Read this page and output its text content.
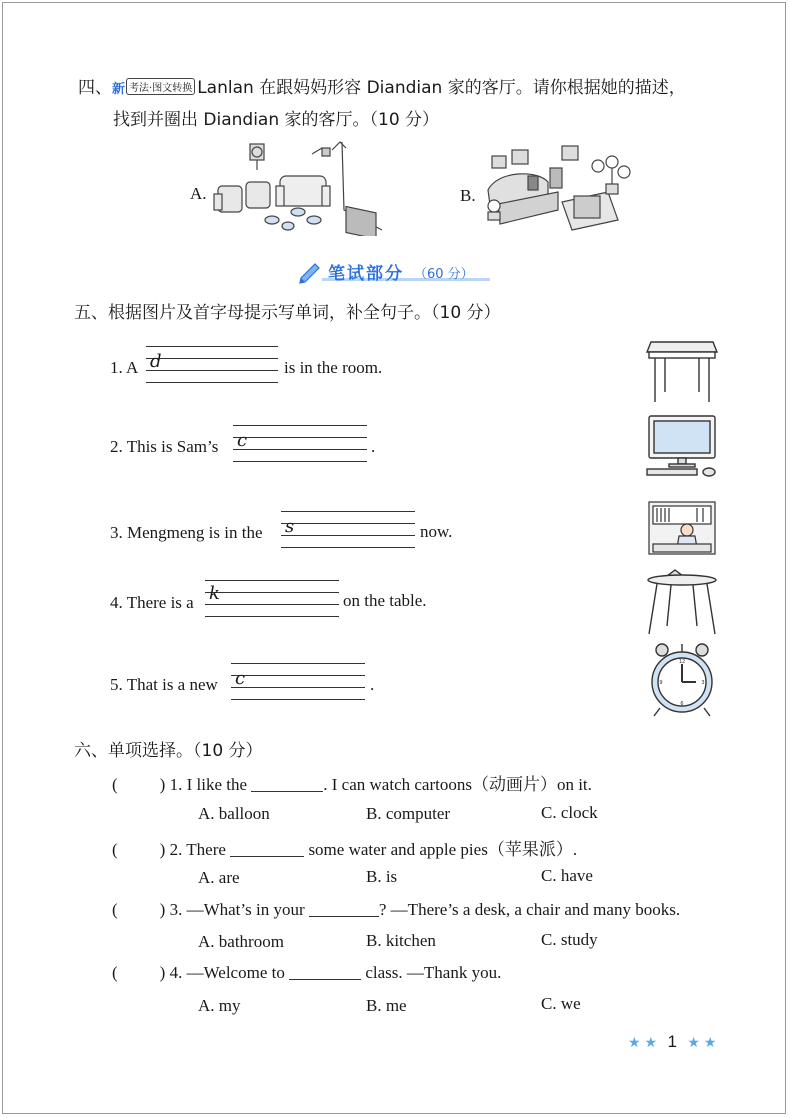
四、新 考法·图文转换 Lanlan 在跟妈妈形容 Diandian 家的客厅。请你根据她的描述，
找到并圈出 Diandian 家的客厅。（10 分）
A.	B.
笔试部分 （60 分）
五、根据图片及首字母提示写单词，补全句子。（10 分）
1. A d	is in the room.
2. This is Sam’s c	.
3. Mengmeng is in the s	now.
4. There is a k	on the table.
5. That is a new c	.
12
3
6
9
六、单项选择。（10 分）
( ) 1. I like the	. I can watch cartoons（动画片）on it.
A. balloon	B. computer	C. clock
( ) 2. There	some water and apple pies（苹果派）.
A. are	B. is	C. have
( ) 3. —What’s in your	? —There’s a desk, a chair and many books.
A. bathroom	B. kitchen	C. study
( ) 4. —Welcome to	class. —Thank you.
A. my	B. me	C. we
★ ★ 1 ★ ★
